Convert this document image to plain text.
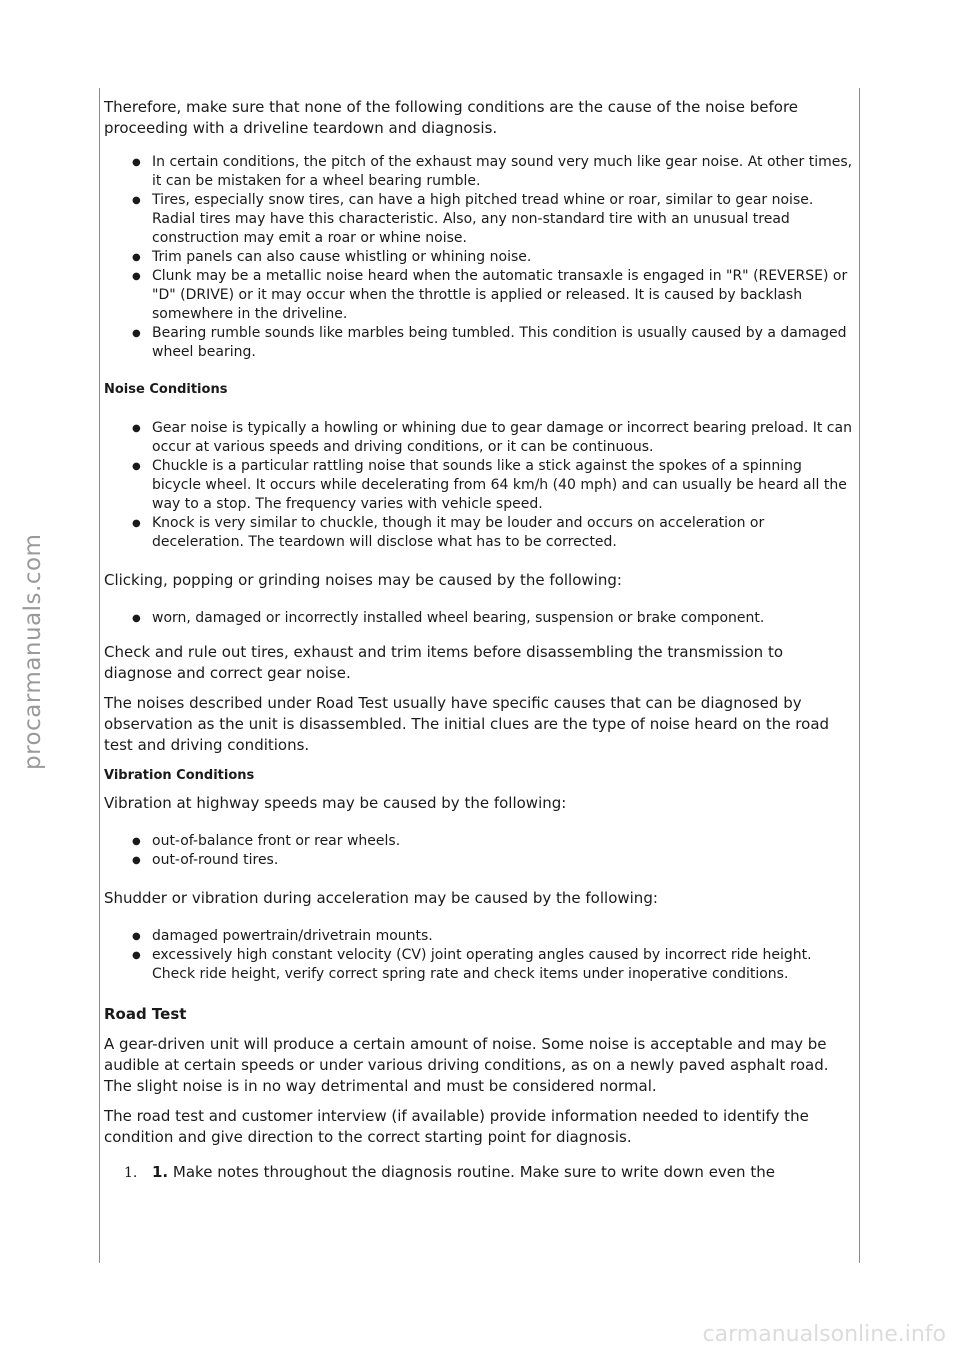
Therefore, make sure that none of the following conditions are the cause of the noise before proceeding with a driveline teardown and diagnosis.

● In certain conditions, the pitch of the exhaust may sound very much like gear noise. At other times, it can be mistaken for a wheel bearing rumble.
● Tires, especially snow tires, can have a high pitched tread whine or roar, similar to gear noise. Radial tires may have this characteristic. Also, any non-standard tire with an unusual tread construction may emit a roar or whine noise.
● Trim panels can also cause whistling or whining noise.
● Clunk may be a metallic noise heard when the automatic transaxle is engaged in "R" (REVERSE) or "D" (DRIVE) or it may occur when the throttle is applied or released. It is caused by backlash somewhere in the driveline.
● Bearing rumble sounds like marbles being tumbled. This condition is usually caused by a damaged wheel bearing.
Noise Conditions
● Gear noise is typically a howling or whining due to gear damage or incorrect bearing preload. It can occur at various speeds and driving conditions, or it can be continuous.
● Chuckle is a particular rattling noise that sounds like a stick against the spokes of a spinning bicycle wheel. It occurs while decelerating from 64 km/h (40 mph) and can usually be heard all the way to a stop. The frequency varies with vehicle speed.
● Knock is very similar to chuckle, though it may be louder and occurs on acceleration or deceleration. The teardown will disclose what has to be corrected.

Clicking, popping or grinding noises may be caused by the following:

● worn, damaged or incorrectly installed wheel bearing, suspension or brake component.

Check and rule out tires, exhaust and trim items before disassembling the transmission to diagnose and correct gear noise.

The noises described under Road Test usually have specific causes that can be diagnosed by observation as the unit is disassembled. The initial clues are the type of noise heard on the road test and driving conditions.

Vibration Conditions

Vibration at highway speeds may be caused by the following:

● out-of-balance front or rear wheels.
● out-of-round tires.

Shudder or vibration during acceleration may be caused by the following:

● damaged powertrain/drivetrain mounts.
● excessively high constant velocity (CV) joint operating angles caused by incorrect ride height. Check ride height, verify correct spring rate and check items under inoperative conditions.
Road Test

A gear-driven unit will produce a certain amount of noise. Some noise is acceptable and may be audible at certain speeds or under various driving conditions, as on a newly paved asphalt road. The slight noise is in no way detrimental and must be considered normal.

The road test and customer interview (if available) provide information needed to identify the condition and give direction to the correct starting point for diagnosis.

1. 1. Make notes throughout the diagnosis routine. Make sure to write down even the
procarmanuals.com
carmanualsonline.info
